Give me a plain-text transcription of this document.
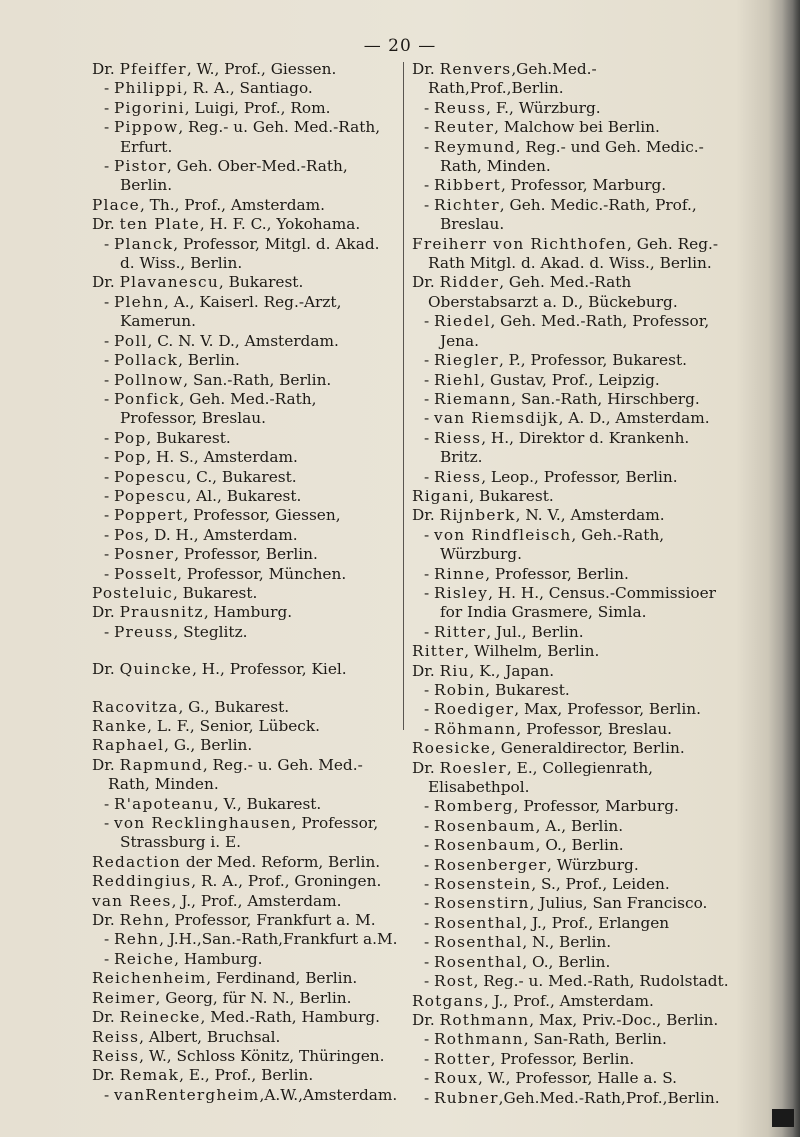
— 20 —

Dr. Pfeiffer, W., Prof., Giessen.

- Philippi, R. A., Santiago.

- Pigorini, Luigi, Prof., Rom.

- Pippow, Reg.- u. Geh. Med.-Rath, Erfurt.

- Pistor, Geh. Ober-Med.-Rath, Berlin.

Place, Th., Prof., Amsterdam.

Dr. ten Plate, H. F. C., Yokohama.

- Planck, Professor, Mitgl. d. Akad. d. Wiss., Berlin.

Dr. Plavanescu, Bukarest.

- Plehn, A., Kaiserl. Reg.-Arzt, Kamerun.

- Poll, C. N. V. D., Amsterdam.

- Pollack, Berlin.

- Pollnow, San.-Rath, Berlin.

- Ponfick, Geh. Med.-Rath, Professor, Breslau.

- Pop, Bukarest.

- Pop, H. S., Amsterdam.

- Popescu, C., Bukarest.

- Popescu, Al., Bukarest.

- Poppert, Professor, Giessen,

- Pos, D. H., Amsterdam.

- Posner, Professor, Berlin.

- Posselt, Professor, München.

Posteluic, Bukarest.

Dr. Prausnitz, Hamburg.

- Preuss, Steglitz.

Dr. Quincke, H., Professor, Kiel.

Racovitza, G., Bukarest.

Ranke, L. F., Senior, Lübeck.

Raphael, G., Berlin.

Dr. Rapmund, Reg.- u. Geh. Med.-Rath, Minden.

- R'apoteanu, V., Bukarest.

- von Recklinghausen, Professor, Strassburg i. E.

Redaction der Med. Reform, Berlin.

Reddingius, R. A., Prof., Groningen.

van Rees, J., Prof., Amsterdam.

Dr. Rehn, Professor, Frankfurt a. M.

- Rehn, J.H.,San.-Rath,Frankfurt a.M.

- Reiche, Hamburg.

Reichenheim, Ferdinand, Berlin.

Reimer, Georg, für N. N., Berlin.

Dr. Reinecke, Med.-Rath, Hamburg.

Reiss, Albert, Bruchsal.

Reiss, W., Schloss Könitz, Thüringen.

Dr. Remak, E., Prof., Berlin.

- vanRentergheim,A.W.,Amsterdam.

Dr. Renvers,Geh.Med.-Rath,Prof.,Berlin.

- Reuss, F., Würzburg.

- Reuter, Malchow bei Berlin.

- Reymund, Reg.- und Geh. Medic.-Rath, Minden.

- Ribbert, Professor, Marburg.

- Richter, Geh. Medic.-Rath, Prof., Breslau.

Freiherr von Richthofen, Geh. Reg.-Rath Mitgl. d. Akad. d. Wiss., Berlin.

Dr. Ridder, Geh. Med.-Rath Oberstabsarzt a. D., Bückeburg.

- Riedel, Geh. Med.-Rath, Professor, Jena.

- Riegler, P., Professor, Bukarest.

- Riehl, Gustav, Prof., Leipzig.

- Riemann, San.-Rath, Hirschberg.

- van Riemsdijk, A. D., Amsterdam.

- Riess, H., Direktor d. Krankenh. Britz.

- Riess, Leop., Professor, Berlin.

Rigani, Bukarest.

Dr. Rijnberk, N. V., Amsterdam.

- von Rindfleisch, Geh.-Rath, Würzburg.

- Rinne, Professor, Berlin.

- Risley, H. H., Census.-Commissioer for India Grasmere, Simla.

- Ritter, Jul., Berlin.

Ritter, Wilhelm, Berlin.

Dr. Riu, K., Japan.

- Robin, Bukarest.

- Roediger, Max, Professor, Berlin.

- Röhmann, Professor, Breslau.

Roesicke, Generaldirector, Berlin.

Dr. Roesler, E., Collegienrath, Elisabethpol.

- Romberg, Professor, Marburg.

- Rosenbaum, A., Berlin.

- Rosenbaum, O., Berlin.

- Rosenberger, Würzburg.

- Rosenstein, S., Prof., Leiden.

- Rosenstirn, Julius, San Francisco.

- Rosenthal, J., Prof., Erlangen

- Rosenthal, N., Berlin.

- Rosenthal, O., Berlin.

- Rost, Reg.- u. Med.-Rath, Rudolstadt.

Rotgans, J., Prof., Amsterdam.

Dr. Rothmann, Max, Priv.-Doc., Berlin.

- Rothmann, San-Rath, Berlin.

- Rotter, Professor, Berlin.

- Roux, W., Professor, Halle a. S.

- Rubner,Geh.Med.-Rath,Prof.,Berlin.
